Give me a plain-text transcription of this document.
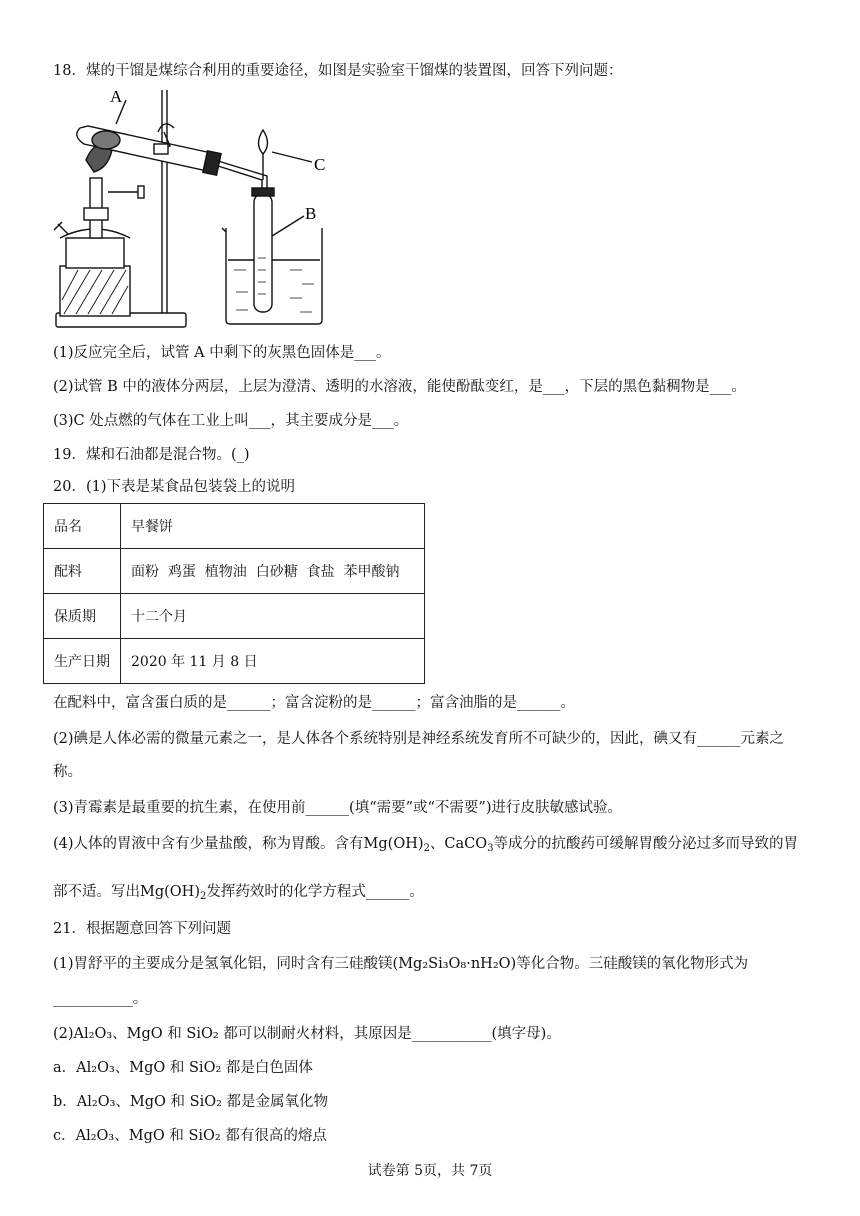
18．煤的干馏是煤综合利用的重要途径，如图是实验室干馏煤的装置图，回答下列问题：
A
C
B
(1)反应完全后，试管 A 中剩下的灰黑色固体是___。
(2)试管 B 中的液体分两层，上层为澄清、透明的水溶液，能使酚酞变红，是___，下层的黑色黏稠物是___。
(3)C 处点燃的气体在工业上叫___，其主要成分是___。
19．煤和石油都是混合物。(_)
20．(1)下表是某食品包装袋上的说明
品名	早餐饼
配料	面粉  鸡蛋  植物油  白砂糖  食盐  苯甲酸钠
保质期	十二个月
生产日期	2020 年 11 月 8 日
在配料中，富含蛋白质的是______；富含淀粉的是______；富含油脂的是______。
(2)碘是人体必需的微量元素之一，是人体各个系统特别是神经系统发育所不可缺少的，因此，碘又有______元素之
称。
(3)青霉素是最重要的抗生素，在使用前______(填“需要”或“不需要”)进行皮肤敏感试验。
(4)人体的胃液中含有少量盐酸，称为胃酸。含有$Mg(OH)_2$、CaCO$_3$等成分的抗酸药可缓解胃酸分泌过多而导致的胃
部不适。写出$Mg(OH)_2$发挥药效时的化学方程式______。
21．根据题意回答下列问题
(1)胃舒平的主要成分是氢氧化铝，同时含有三硅酸镁(Mg₂Si₃O₈·nH₂O)等化合物。三硅酸镁的氧化物形式为
___________。
(2)Al₂O₃、MgO 和 SiO₂ 都可以制耐火材料，其原因是___________(填字母)。
a．Al₂O₃、MgO 和 SiO₂ 都是白色固体
b．Al₂O₃、MgO 和 SiO₂ 都是金属氧化物
c．Al₂O₃、MgO 和 SiO₂ 都有很高的熔点
试卷第 5页，共 7页
